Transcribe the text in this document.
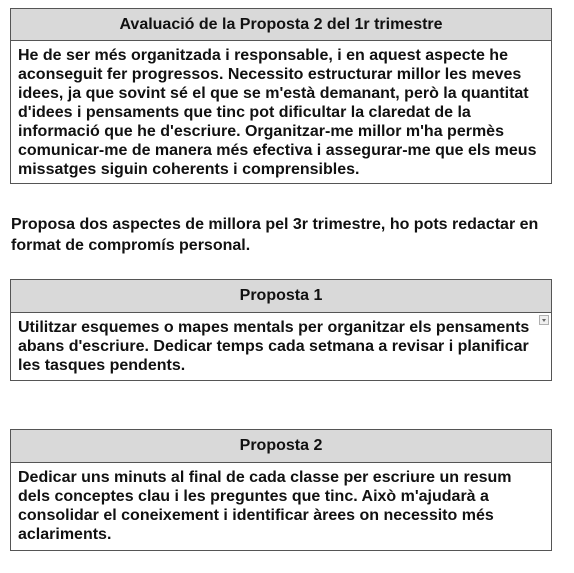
Avaluació de la Proposta 2 del 1r trimestre
He de ser més organitzada i responsable, i en aquest aspecte he aconseguit fer progressos. Necessito estructurar millor les meves idees, ja que sovint sé el que se m'està demanant, però la quantitat d'idees i pensaments que tinc pot dificultar la claredat de la informació que he d'escriure. Organitzar-me millor m'ha permès comunicar-me de manera més efectiva i assegurar-me que els meus missatges siguin coherents i comprensibles.
Proposa dos aspectes de millora pel 3r trimestre, ho pots redactar en format de compromís personal.
Proposta 1
Utilitzar esquemes o mapes mentals per organitzar els pensaments abans d'escriure. Dedicar temps cada setmana a revisar i planificar les tasques pendents.
Proposta 2
Dedicar uns minuts al final de cada classe per escriure un resum dels conceptes clau i les preguntes que tinc. Això m'ajudarà a consolidar el coneixement i identificar àrees on necessito més aclariments.
